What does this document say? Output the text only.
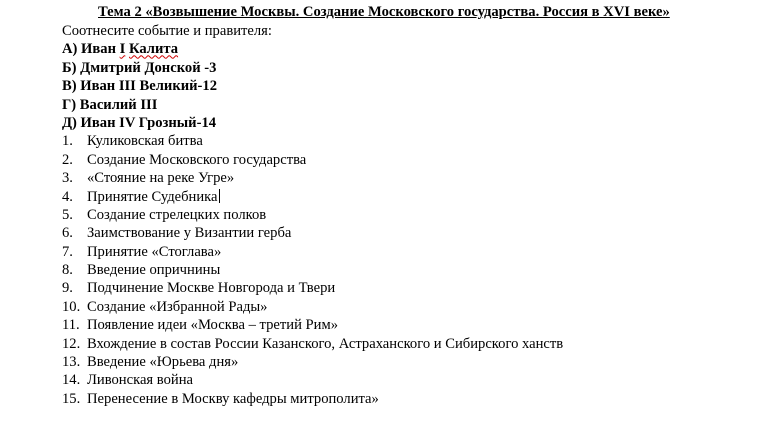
Тема 2 «Возвышение Москвы. Создание Московского государства. Россия в XVI веке»
Соотнесите событие и правителя:
А) Иван I Калита
Б) Дмитрий Донской -3
В) Иван III Великий-12
Г) Василий III
Д) Иван IV Грозный-14
1. Куликовская битва
2. Создание Московского государства
3. «Стояние на реке Угре»
4. Принятие Судебника
5. Создание стрелецких полков
6. Заимствование у Византии герба
7. Принятие «Стоглава»
8. Введение опричнины
9. Подчинение Москве Новгорода и Твери
10. Создание «Избранной Рады»
11. Появление идеи «Москва – третий Рим»
12. Вхождение в состав России Казанского, Астраханского и Сибирского ханств
13. Введение «Юрьева дня»
14. Ливонская война
15. Перенесение в Москву кафедры митрополита»
